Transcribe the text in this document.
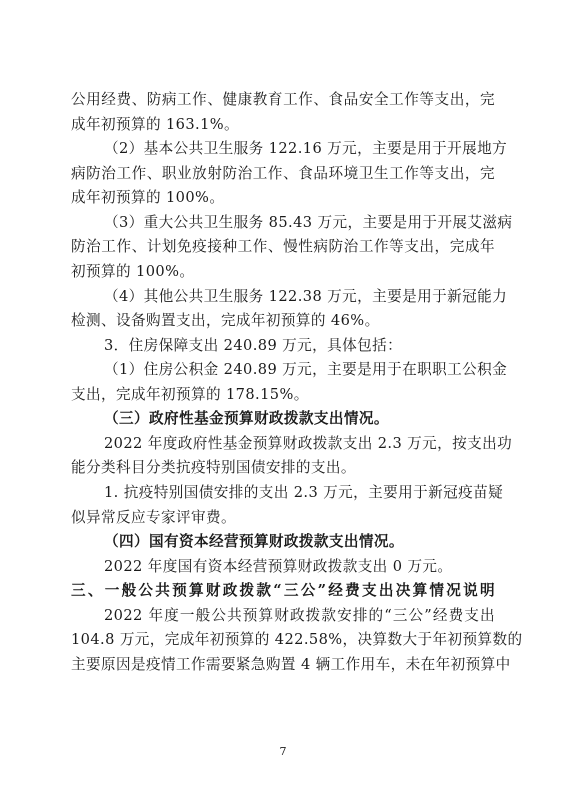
公用经费、防病工作、健康教育工作、食品安全工作等支出，完
成年初预算的 163.1%。
（2）基本公共卫生服务 122.16 万元，主要是用于开展地方
病防治工作、职业放射防治工作、食品环境卫生工作等支出，完
成年初预算的 100%。
（3）重大公共卫生服务 85.43 万元，主要是用于开展艾滋病
防治工作、计划免疫接种工作、慢性病防治工作等支出，完成年
初预算的 100%。
（4）其他公共卫生服务 122.38 万元，主要是用于新冠能力
检测、设备购置支出，完成年初预算的 46%。
3．住房保障支出 240.89 万元，具体包括：
（1）住房公积金 240.89 万元，主要是用于在职职工公积金
支出，完成年初预算的 178.15%。
（三）政府性基金预算财政拨款支出情况。
2022 年度政府性基金预算财政拨款支出 2.3 万元，按支出功
能分类科目分类抗疫特别国债安排的支出。
1. 抗疫特别国债安排的支出 2.3 万元，主要用于新冠疫苗疑
似异常反应专家评审费。
（四）国有资本经营预算财政拨款支出情况。
2022 年度国有资本经营预算财政拨款支出 0 万元。
三、一般公共预算财政拨款“三公”经费支出决算情况说明
2022 年度一般公共预算财政拨款安排的“三公”经费支出
104.8 万元，完成年初预算的 422.58%，决算数大于年初预算数的
主要原因是疫情工作需要紧急购置 4 辆工作用车，未在年初预算中
7
